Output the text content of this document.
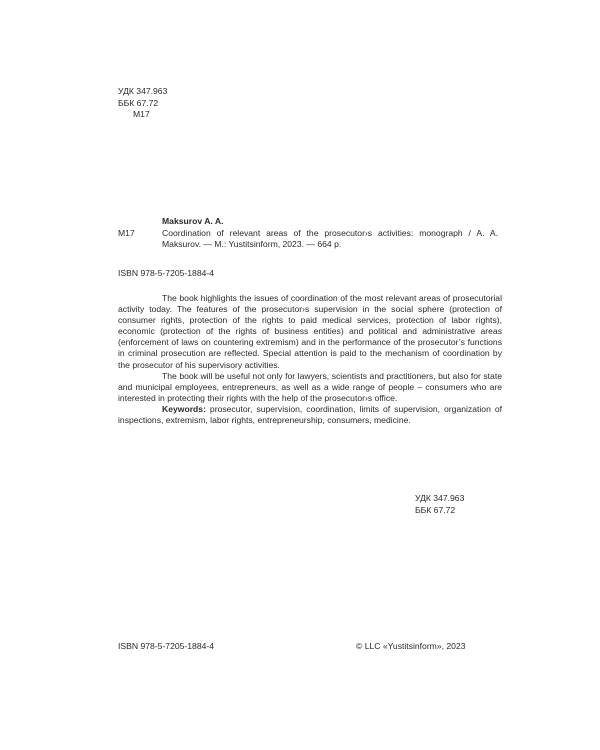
УДК 347.963
ББК 67.72
М17
Maksurov A. A.
M17	Coordination of relevant areas of the prosecutor›s activities: monograph / A. A. Maksurov. — M.: Yustitsinform, 2023. — 664 p.
ISBN 978-5-7205-1884-4

The book highlights the issues of coordination of the most relevant areas of prosecutorial activity today. The features of the prosecutor›s supervision in the social sphere (protection of consumer rights, protection of the rights to paid medical services, protection of labor rights), economic (protection of the rights of business entities) and political and administrative areas (enforcement of laws on countering extremism) and in the performance of the prosecutor’s functions in criminal prosecution are reflected. Special attention is paid to the mechanism of coordination by the prosecutor of his supervisory activities.

The book will be useful not only for lawyers, scientists and practitioners, but also for state and municipal employees, entrepreneurs, as well as a wide range of people – consumers who are interested in protecting their rights with the help of the prosecutor›s office.

Keywords: prosecutor, supervision, coordination, limits of supervision, organization of inspections, extremism, labor rights, entrepreneurship, consumers, medicine.

УДК 347.963
ББК 67.72
ISBN 978-5-7205-1884-4	© LLC «Yustitsinform», 2023
